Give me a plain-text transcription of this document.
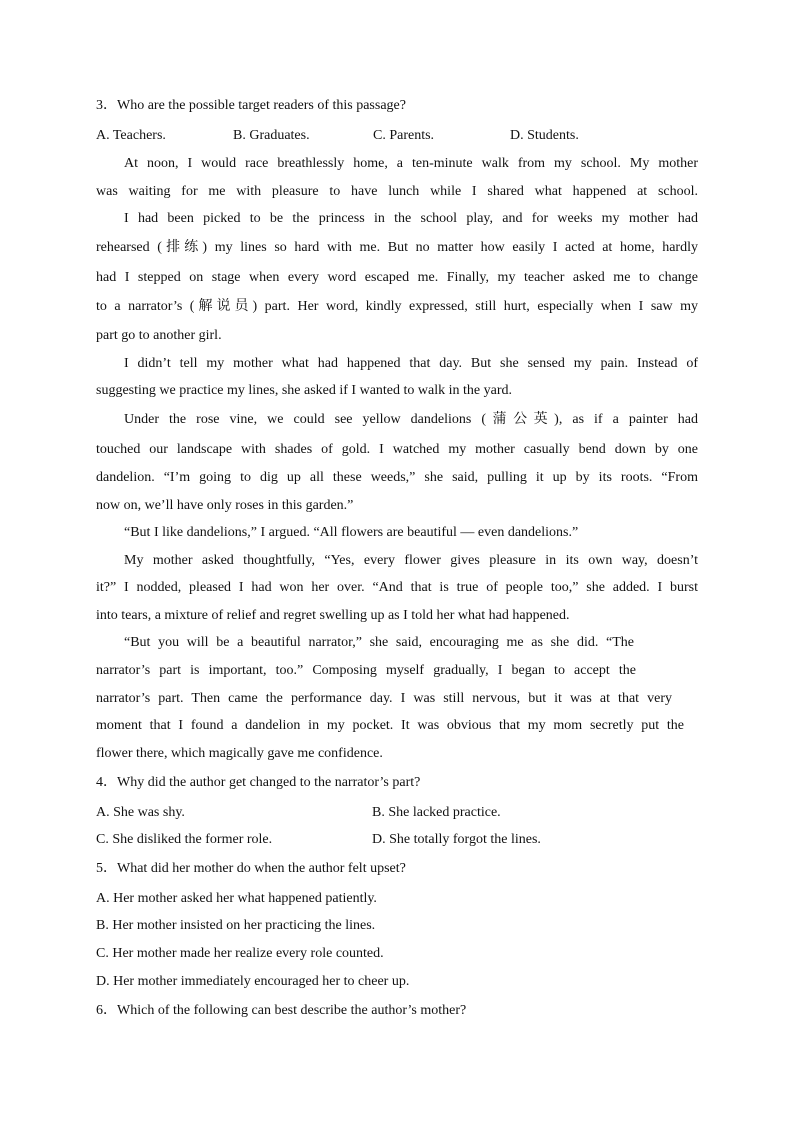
3．Who are the possible target readers of this passage?
A. Teachers.	B. Graduates.	C. Parents.	D. Students.
At noon, I would race breathlessly home, a ten-minute walk from my school. My mother
was waiting for me with pleasure to have lunch while I shared what happened at school.
I had been picked to be the princess in the school play, and for weeks my mother had
rehearsed (排练) my lines so hard with me. But no matter how easily I acted at home, hardly
had I stepped on stage when every word escaped me. Finally, my teacher asked me to change
to a narrator’s (解说员) part. Her word, kindly expressed, still hurt, especially when I saw my
part go to another girl.
I didn’t tell my mother what had happened that day. But she sensed my pain. Instead of
suggesting we practice my lines, she asked if I wanted to walk in the yard.
Under the rose vine, we could see yellow dandelions (蒲公英), as if a painter had
touched our landscape with shades of gold. I watched my mother casually bend down by one
dandelion. “I’m going to dig up all these weeds,” she said, pulling it up by its roots. “From
now on, we’ll have only roses in this garden.”
“But I like dandelions,” I argued. “All flowers are beautiful — even dandelions.”
My mother asked thoughtfully, “Yes, every flower gives pleasure in its own way, doesn’t
it?” I nodded, pleased I had won her over. “And that is true of people too,” she added. I burst
into tears, a mixture of relief and regret swelling up as I told her what had happened.
“But you will be a beautiful narrator,” she said, encouraging me as she did. “The
narrator’s part is important, too.” Composing myself gradually, I began to accept the
narrator’s part. Then came the performance day. I was still nervous, but it was at that very
moment that I found a dandelion in my pocket. It was obvious that my mom secretly put the
flower there, which magically gave me confidence.
4．Why did the author get changed to the narrator’s part?
A. She was shy.	B. She lacked practice.
C. She disliked the former role.	D. She totally forgot the lines.
5．What did her mother do when the author felt upset?
A. Her mother asked her what happened patiently.
B. Her mother insisted on her practicing the lines.
C. Her mother made her realize every role counted.
D. Her mother immediately encouraged her to cheer up.
6．Which of the following can best describe the author’s mother?
